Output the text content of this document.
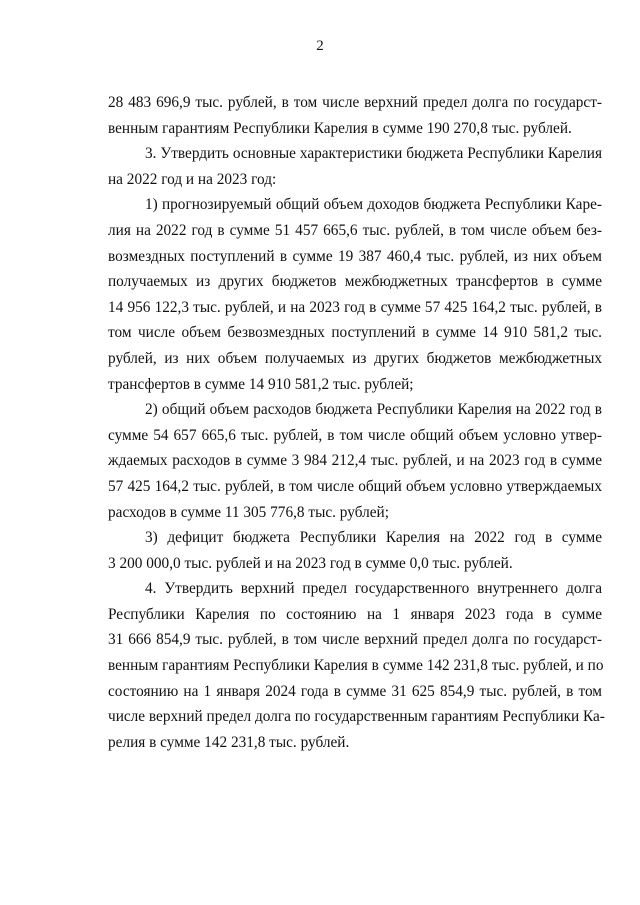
2

28 483 696,9 тыс. рублей, в том числе верхний предел долга по государст-
венным гарантиям Республики Карелия в сумме 190 270,8 тыс. рублей.

3. Утвердить основные характеристики бюджета Республики Карелия
на 2022 год и на 2023 год:

1) прогнозируемый общий объем доходов бюджета Республики Каре-
лия на 2022 год в сумме 51 457 665,6 тыс. рублей, в том числе объем без-
возмездных поступлений в сумме 19 387 460,4 тыс. рублей, из них объем
получаемых из других бюджетов межбюджетных трансфертов в сумме
14 956 122,3 тыс. рублей, и на 2023 год в сумме 57 425 164,2 тыс. рублей, в
том числе объем безвозмездных поступлений в сумме 14 910 581,2 тыс.
рублей, из них объем получаемых из других бюджетов межбюджетных
трансфертов в сумме 14 910 581,2 тыс. рублей;

2) общий объем расходов бюджета Республики Карелия на 2022 год в
сумме 54 657 665,6 тыс. рублей, в том числе общий объем условно утвер-
ждаемых расходов в сумме 3 984 212,4 тыс. рублей, и на 2023 год в сумме
57 425 164,2 тыс. рублей, в том числе общий объем условно утверждаемых
расходов в сумме 11 305 776,8 тыс. рублей;

3) дефицит бюджета Республики Карелия на 2022 год в сумме
3 200 000,0 тыс. рублей и на 2023 год в сумме 0,0 тыс. рублей.

4. Утвердить верхний предел государственного внутреннего долга
Республики Карелия по состоянию на 1 января 2023 года в сумме
31 666 854,9 тыс. рублей, в том числе верхний предел долга по государст-
венным гарантиям Республики Карелия в сумме 142 231,8 тыс. рублей, и по
состоянию на 1 января 2024 года в сумме 31 625 854,9 тыс. рублей, в том
числе верхний предел долга по государственным гарантиям Республики Ка-
релия в сумме 142 231,8 тыс. рублей.
